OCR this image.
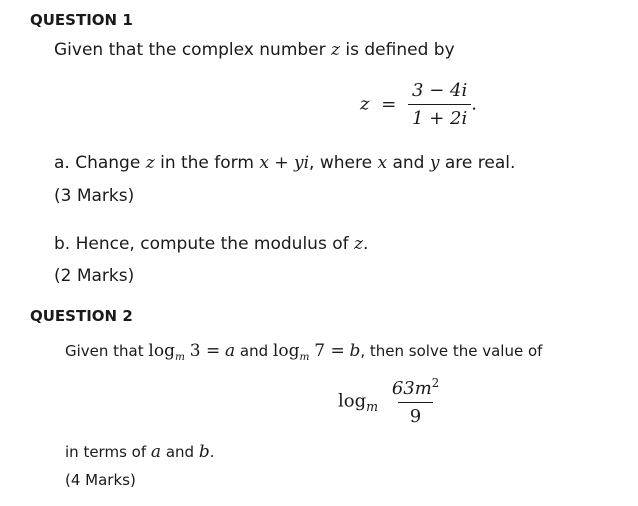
QUESTION 1
Given that the complex number z is defined by
$z = \frac{3 - 4i}{1 + 2i}$ .
a. Change z in the form x + yi, where x and y are real.
(3 Marks)
b. Hence, compute the modulus of z.
(2 Marks)
QUESTION 2
Given that $\log_m 3 = a$ and $\log_m 7 = b$, then solve the value of
$\log_m \frac{63m^2}{9}$
in terms of a and b.
(4 Marks)
